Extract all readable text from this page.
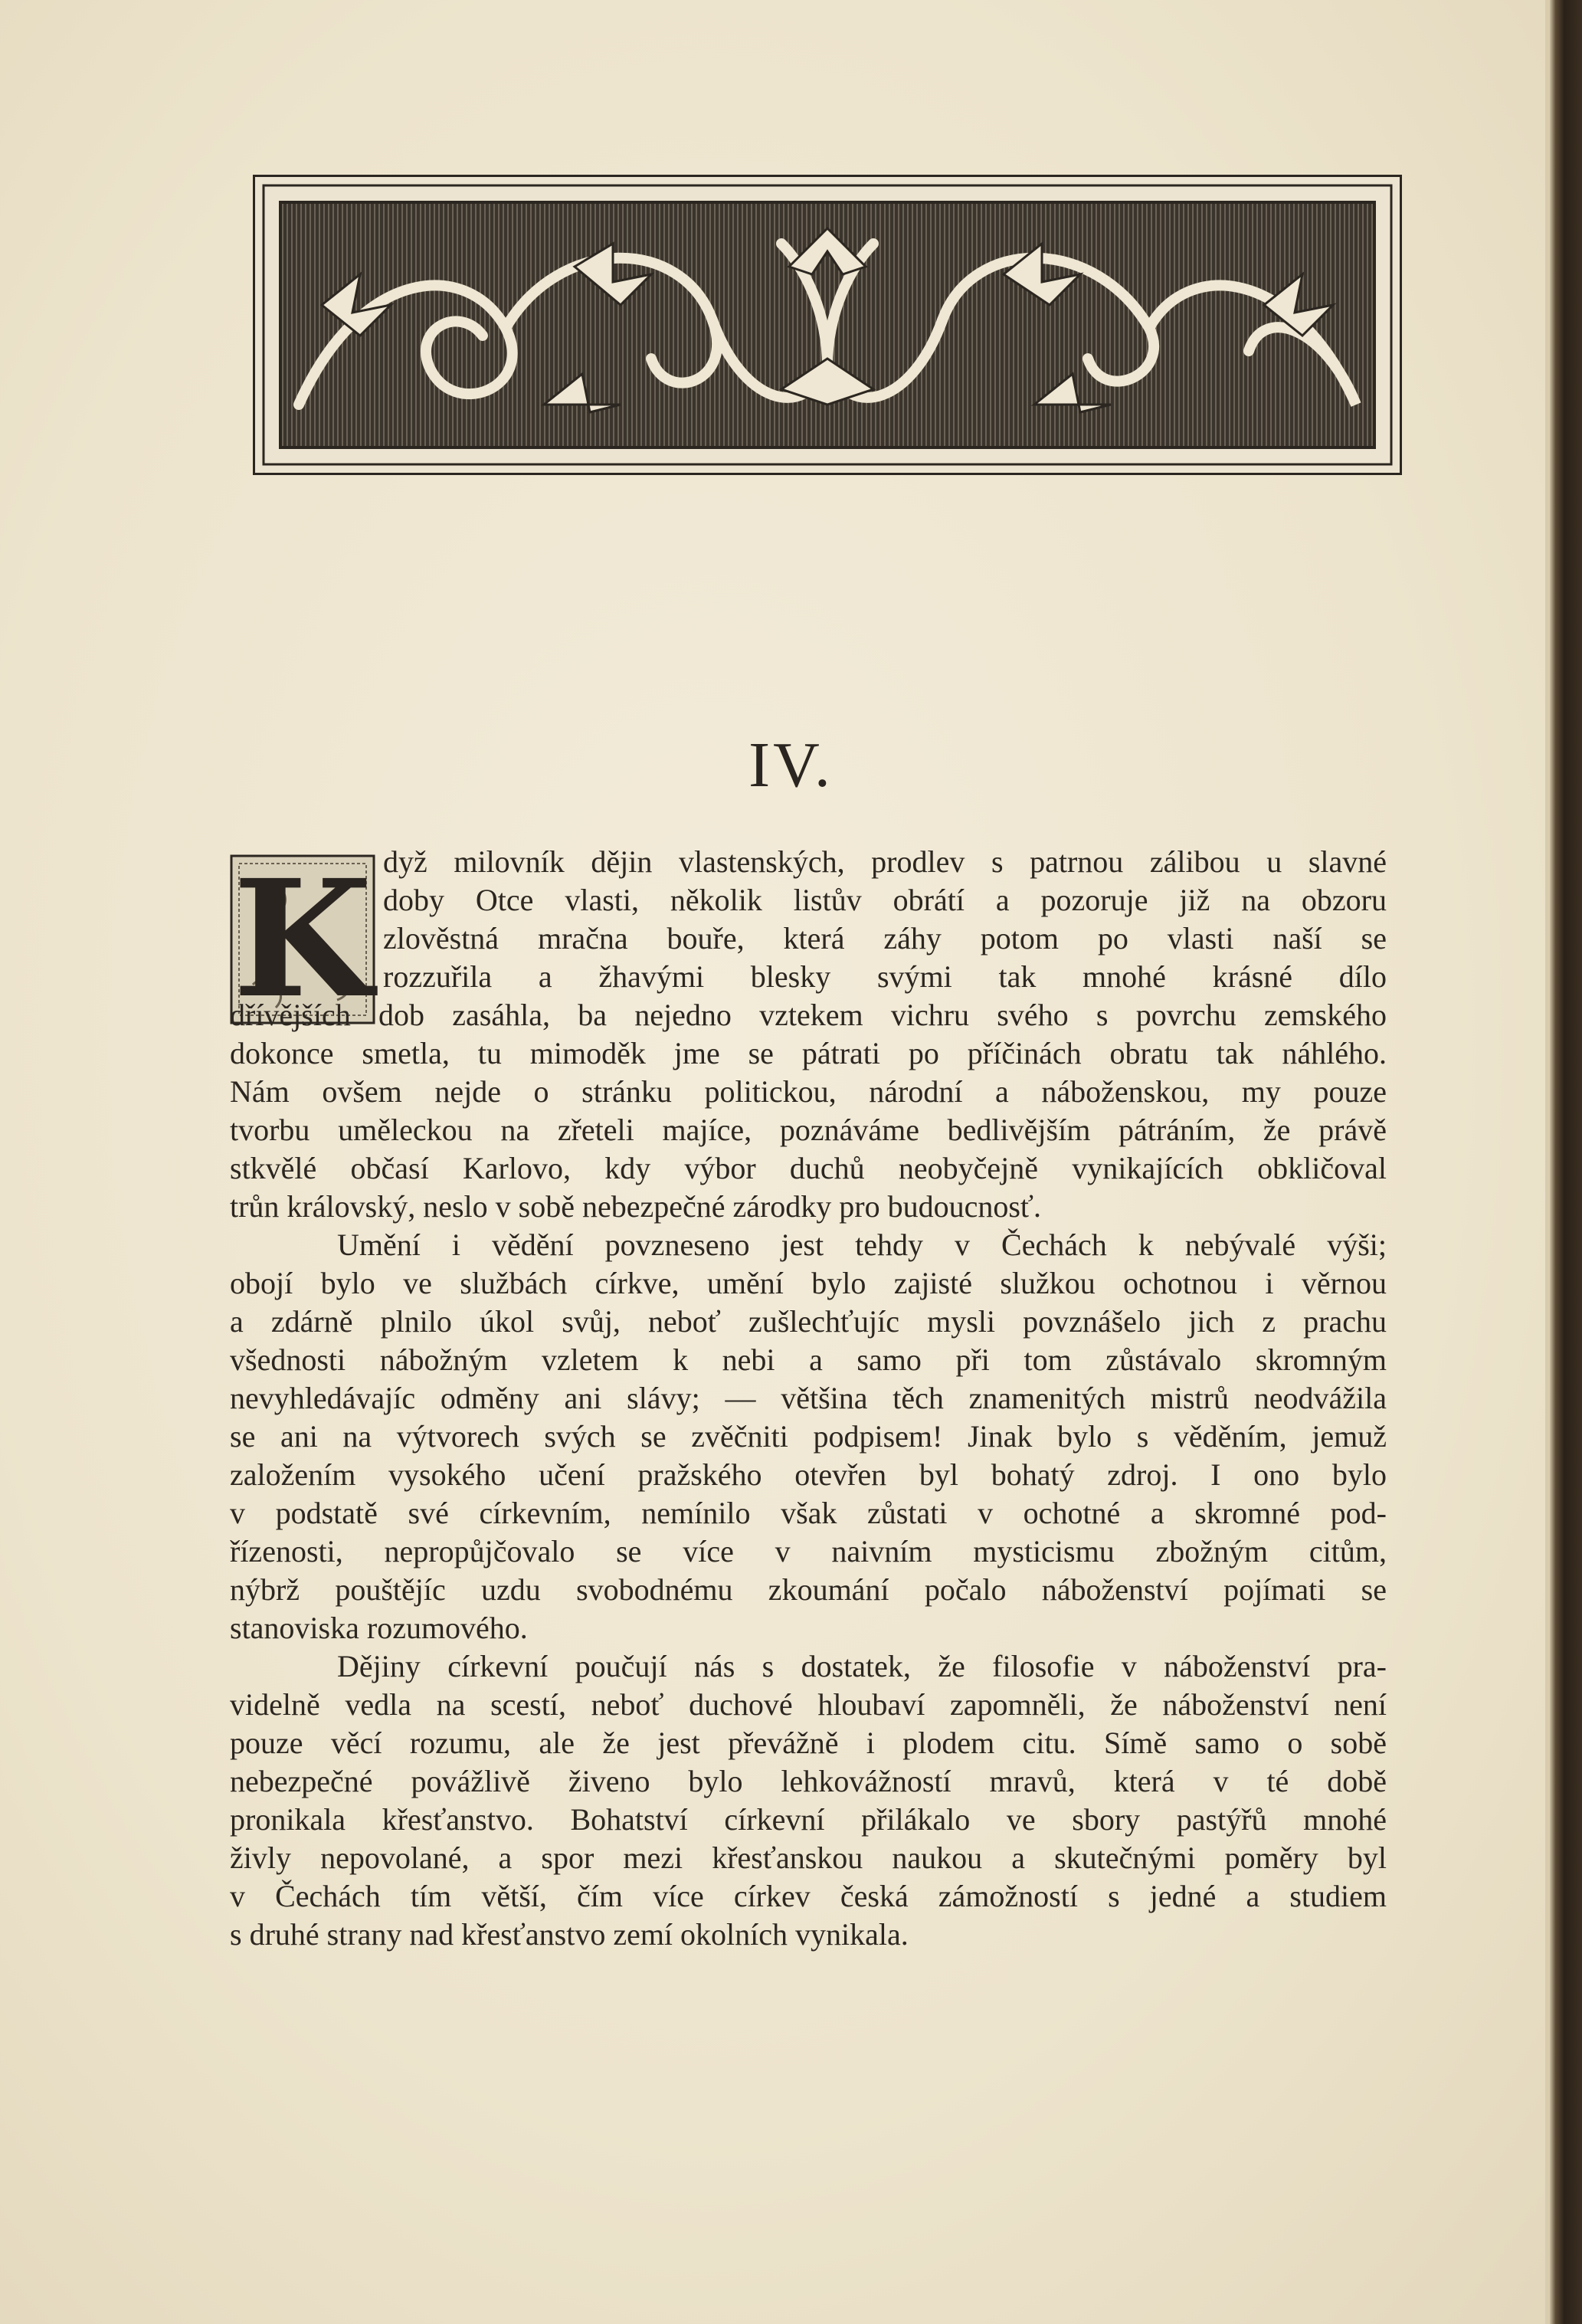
IV.
K dyž milovník dějin vlastenských, prodlev s patrnou zálibou u slavné
doby Otce vlasti, několik listův obrátí a pozoruje již na obzoru
zlověstná mračna bouře, která záhy potom po vlasti naší se
rozzuřila a žhavými blesky svými tak mnohé krásné dílo
dřívějších dob zasáhla, ba nejedno vztekem vichru svého s povrchu zemského
dokonce smetla, tu mimoděk jme se pátrati po příčinách obratu tak náhlého.
Nám ovšem nejde o stránku politickou, národní a náboženskou, my pouze
tvorbu uměleckou na zřeteli majíce, poznáváme bedlivějším pátráním, že právě
stkvělé občasí Karlovo, kdy výbor duchů neobyčejně vynikajících obkličoval
trůn královský, neslo v sobě nebezpečné zárodky pro budoucnosť.
Umění i vědění povzneseno jest tehdy v Čechách k nebývalé výši;
obojí bylo ve službách církve, umění bylo zajisté služkou ochotnou i věrnou
a zdárně plnilo úkol svůj, neboť zušlechťujíc mysli povznášelo jich z prachu
všednosti nábožným vzletem k nebi a samo při tom zůstávalo skromným
nevyhledávajíc odměny ani slávy; — většina těch znamenitých mistrů neodvážila
se ani na výtvorech svých se zvěčniti podpisem! Jinak bylo s věděním, jemuž
založením vysokého učení pražského otevřen byl bohatý zdroj. I ono bylo
v podstatě své církevním, nemínilo však zůstati v ochotné a skromné pod-
řízenosti, nepropůjčovalo se více v naivním mysticismu zbožným citům,
nýbrž pouštějíc uzdu svobodnému zkoumání počalo náboženství pojímati se
stanoviska rozumového.
Dějiny církevní poučují nás s dostatek, že filosofie v náboženství pra-
videlně vedla na scestí, neboť duchové hloubaví zapomněli, že náboženství není
pouze věcí rozumu, ale že jest převážně i plodem citu. Símě samo o sobě
nebezpečné povážlivě živeno bylo lehkovážností mravů, která v té době
pronikala křesťanstvo. Bohatství církevní přilákalo ve sbory pastýřů mnohé
živly nepovolané, a spor mezi křesťanskou naukou a skutečnými poměry byl
v Čechách tím větší, čím více církev česká zámožností s jedné a studiem
s druhé strany nad křesťanstvo zemí okolních vynikala.
